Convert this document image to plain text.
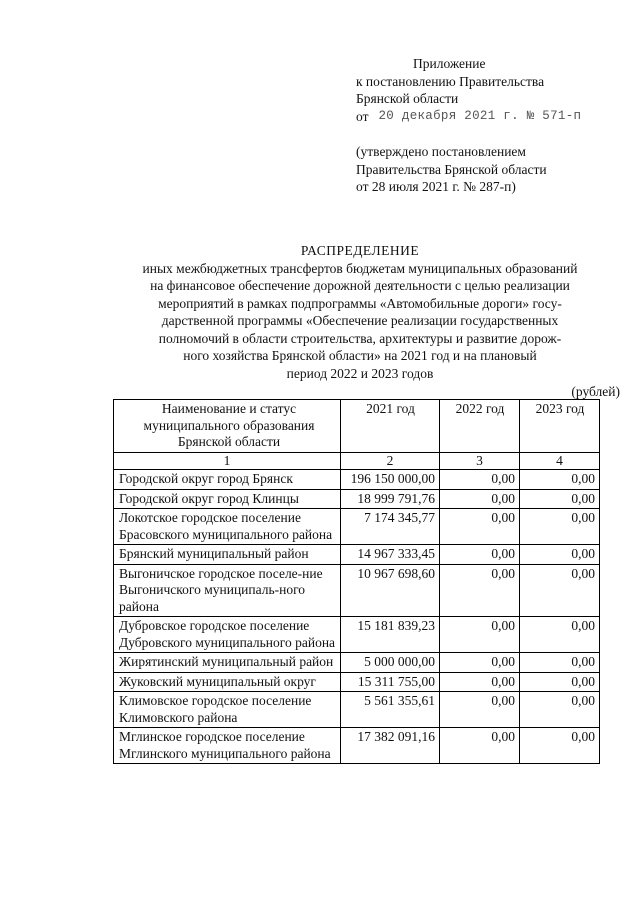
Приложение
к постановлению Правительства
Брянской области
от 20 декабря 2021 г. № 571-п
(утверждено постановлением
Правительства Брянской области
от 28 июля 2021 г. № 287-п)
РАСПРЕДЕЛЕНИЕ
иных межбюджетных трансфертов бюджетам муниципальных образований
на финансовое обеспечение дорожной деятельности с целью реализации
мероприятий в рамках подпрограммы «Автомобильные дороги» госу-
дарственной программы «Обеспечение реализации государственных
полномочий в области строительства, архитектуры и развитие дорож-
ного хозяйства Брянской области» на 2021 год и на плановый
период 2022 и 2023 годов
(рублей)
Наименование и статус муниципального образования Брянской области	2021 год	2022 год	2023 год
1	2	3	4
Городской округ город Брянск	196 150 000,00	0,00	0,00
Городской округ город Клинцы	18 999 791,76	0,00	0,00
Локотское городское поселение Брасовского муниципального района	7 174 345,77	0,00	0,00
Брянский муниципальный район	14 967 333,45	0,00	0,00
Выгоничское городское поселе-ние Выгоничского муниципаль-ного района	10 967 698,60	0,00	0,00
Дубровское городское поселение Дубровского муниципального района	15 181 839,23	0,00	0,00
Жирятинский муниципальный район	5 000 000,00	0,00	0,00
Жуковский муниципальный округ	15 311 755,00	0,00	0,00
Климовское городское поселение Климовского района	5 561 355,61	0,00	0,00
Мглинское городское поселение Мглинского муниципального района	17 382 091,16	0,00	0,00
